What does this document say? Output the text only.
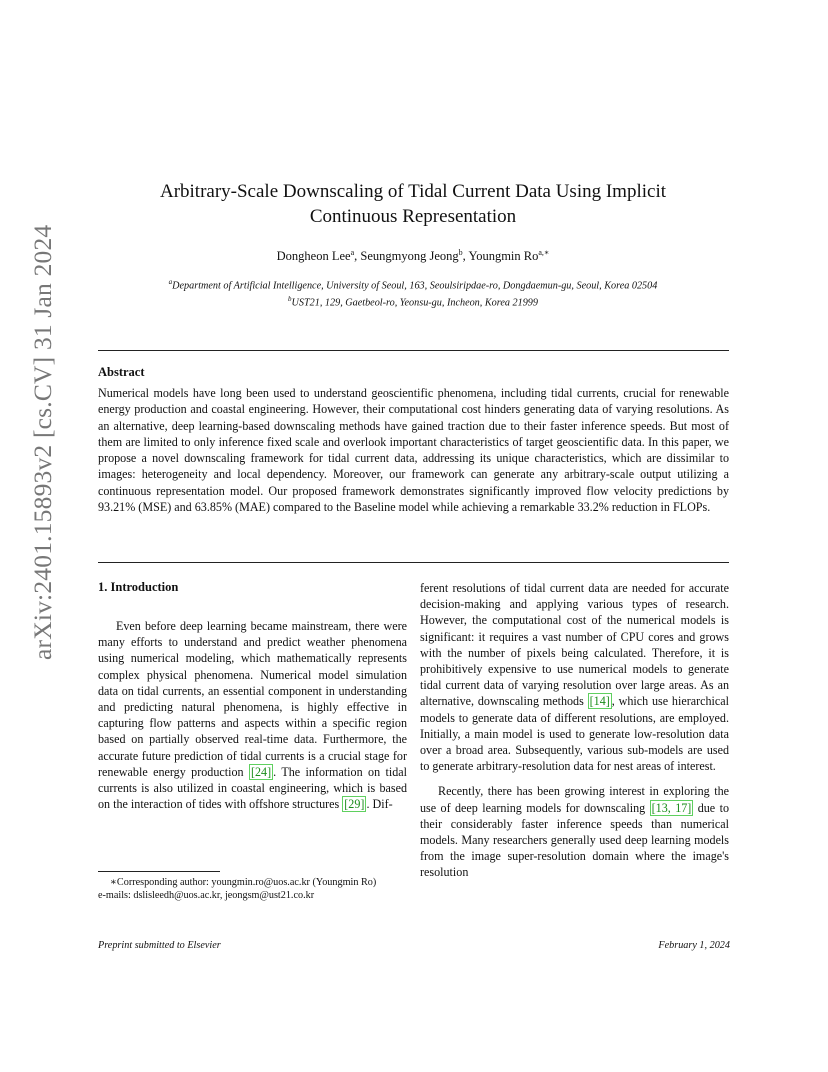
arXiv:2401.15893v2 [cs.CV] 31 Jan 2024
Arbitrary-Scale Downscaling of Tidal Current Data Using Implicit
Continuous Representation
Dongheon Lee$^a$, Seungmyong Jeong$^b$, Youngmin $Ro^{a,∗}$
$^a$Department of Artificial Intelligence, University of Seoul, 163, Seoulsiripdae-ro, Dongdaemun-gu, Seoul, Korea 02504
$^b$UST21, 129, Gaetbeol-ro, Yeonsu-gu, Incheon, Korea 21999
Abstract
Numerical models have long been used to understand geoscientific phenomena, including tidal currents, crucial for renewable energy production and coastal engineering. However, their computational cost hinders generating data of varying resolutions. As an alternative, deep learning-based downscaling methods have gained traction due to their faster inference speeds. But most of them are limited to only inference fixed scale and overlook important characteristics of target geoscientific data. In this paper, we propose a novel downscaling framework for tidal current data, addressing its unique characteristics, which are dissimilar to images: heterogeneity and local dependency. Moreover, our framework can generate any arbitrary-scale output utilizing a continuous representation model. Our proposed framework demonstrates significantly improved flow velocity predictions by 93.21% (MSE) and 63.85% (MAE) compared to the Baseline model while achieving a remarkable 33.2% reduction in FLOPs.
1. Introduction

Even before deep learning became mainstream, there were many efforts to understand and predict weather phenomena using numerical modeling, which mathematically represents complex physical phenomena. Numerical model simulation data on tidal currents, an essential component in understanding and predicting natural phenomena, is highly effective in capturing flow patterns and aspects within a specific region based on partially observed real-time data. Furthermore, the accurate future prediction of tidal currents is a crucial stage for renewable energy production [24] . The information on tidal currents is also utilized in coastal engineering, which is based on the interaction of tides with offshore structures [29] . Dif-

ferent resolutions of tidal current data are needed for accurate decision-making and applying various types of research. However, the computational cost of the numerical models is significant: it requires a vast number of CPU cores and grows with the number of pixels being calculated. Therefore, it is prohibitively expensive to use numerical models to generate tidal current data of varying resolution over large areas. As an alternative, downscaling methods [14] , which use hierarchical models to generate data of different resolutions, are employed. Initially, a main model is used to generate low-resolution data over a broad area. Subsequently, various sub-models are used to generate arbitrary-resolution data for nest areas of interest.

Recently, there has been growing interest in exploring the use of deep learning models for downscaling [13, 17] due to their considerably faster inference speeds than numerical models. Many researchers generally used deep learning models from the image super-resolution domain where the image's resolution

∗Corresponding author: youngmin.ro@uos.ac.kr (Youngmin Ro)

e-mails: dslisleedh@uos.ac.kr, jeongsm@ust21.co.kr

Preprint submitted to Elsevier	February 1, 2024
